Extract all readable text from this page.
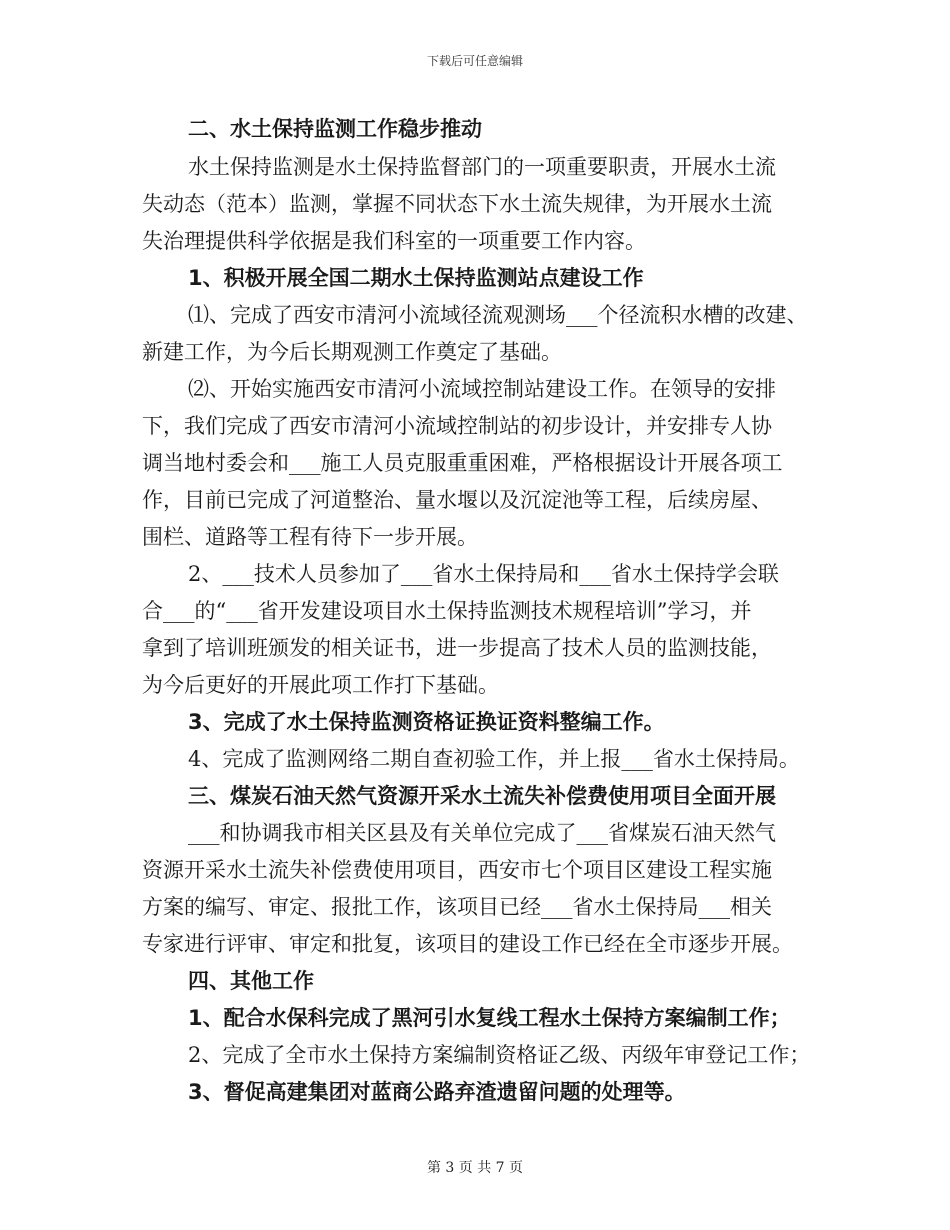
下载后可任意编辑
二、水土保持监测工作稳步推动
水土保持监测是水土保持监督部门的一项重要职责，开展水土流
失动态（范本）监测，掌握不同状态下水土流失规律，为开展水土流
失治理提供科学依据是我们科室的一项重要工作内容。
1、积极开展全国二期水土保持监测站点建设工作
⑴、完成了西安市清河小流域径流观测场___个径流积水槽的改建、
新建工作，为今后长期观测工作奠定了基础。
⑵、开始实施西安市清河小流域控制站建设工作。在领导的安排
下，我们完成了西安市清河小流域控制站的初步设计，并安排专人协
调当地村委会和___施工人员克服重重困难，严格根据设计开展各项工
作，目前已完成了河道整治、量水堰以及沉淀池等工程，后续房屋、
围栏、道路等工程有待下一步开展。
2、___技术人员参加了___省水土保持局和___省水土保持学会联
合___的“___省开发建设项目水土保持监测技术规程培训”学习，并
拿到了培训班颁发的相关证书，进一步提高了技术人员的监测技能，
为今后更好的开展此项工作打下基础。
3、完成了水土保持监测资格证换证资料整编工作。
4、完成了监测网络二期自查初验工作，并上报___省水土保持局。
三、煤炭石油天然气资源开采水土流失补偿费使用项目全面开展
___和协调我市相关区县及有关单位完成了___省煤炭石油天然气
资源开采水土流失补偿费使用项目，西安市七个项目区建设工程实施
方案的编写、审定、报批工作，该项目已经___省水土保持局___相关
专家进行评审、审定和批复，该项目的建设工作已经在全市逐步开展。
四、其他工作
1、配合水保科完成了黑河引水复线工程水土保持方案编制工作；
2、完成了全市水土保持方案编制资格证乙级、丙级年审登记工作；
3、督促高建集团对蓝商公路弃渣遗留问题的处理等。
第 3 页 共 7 页
